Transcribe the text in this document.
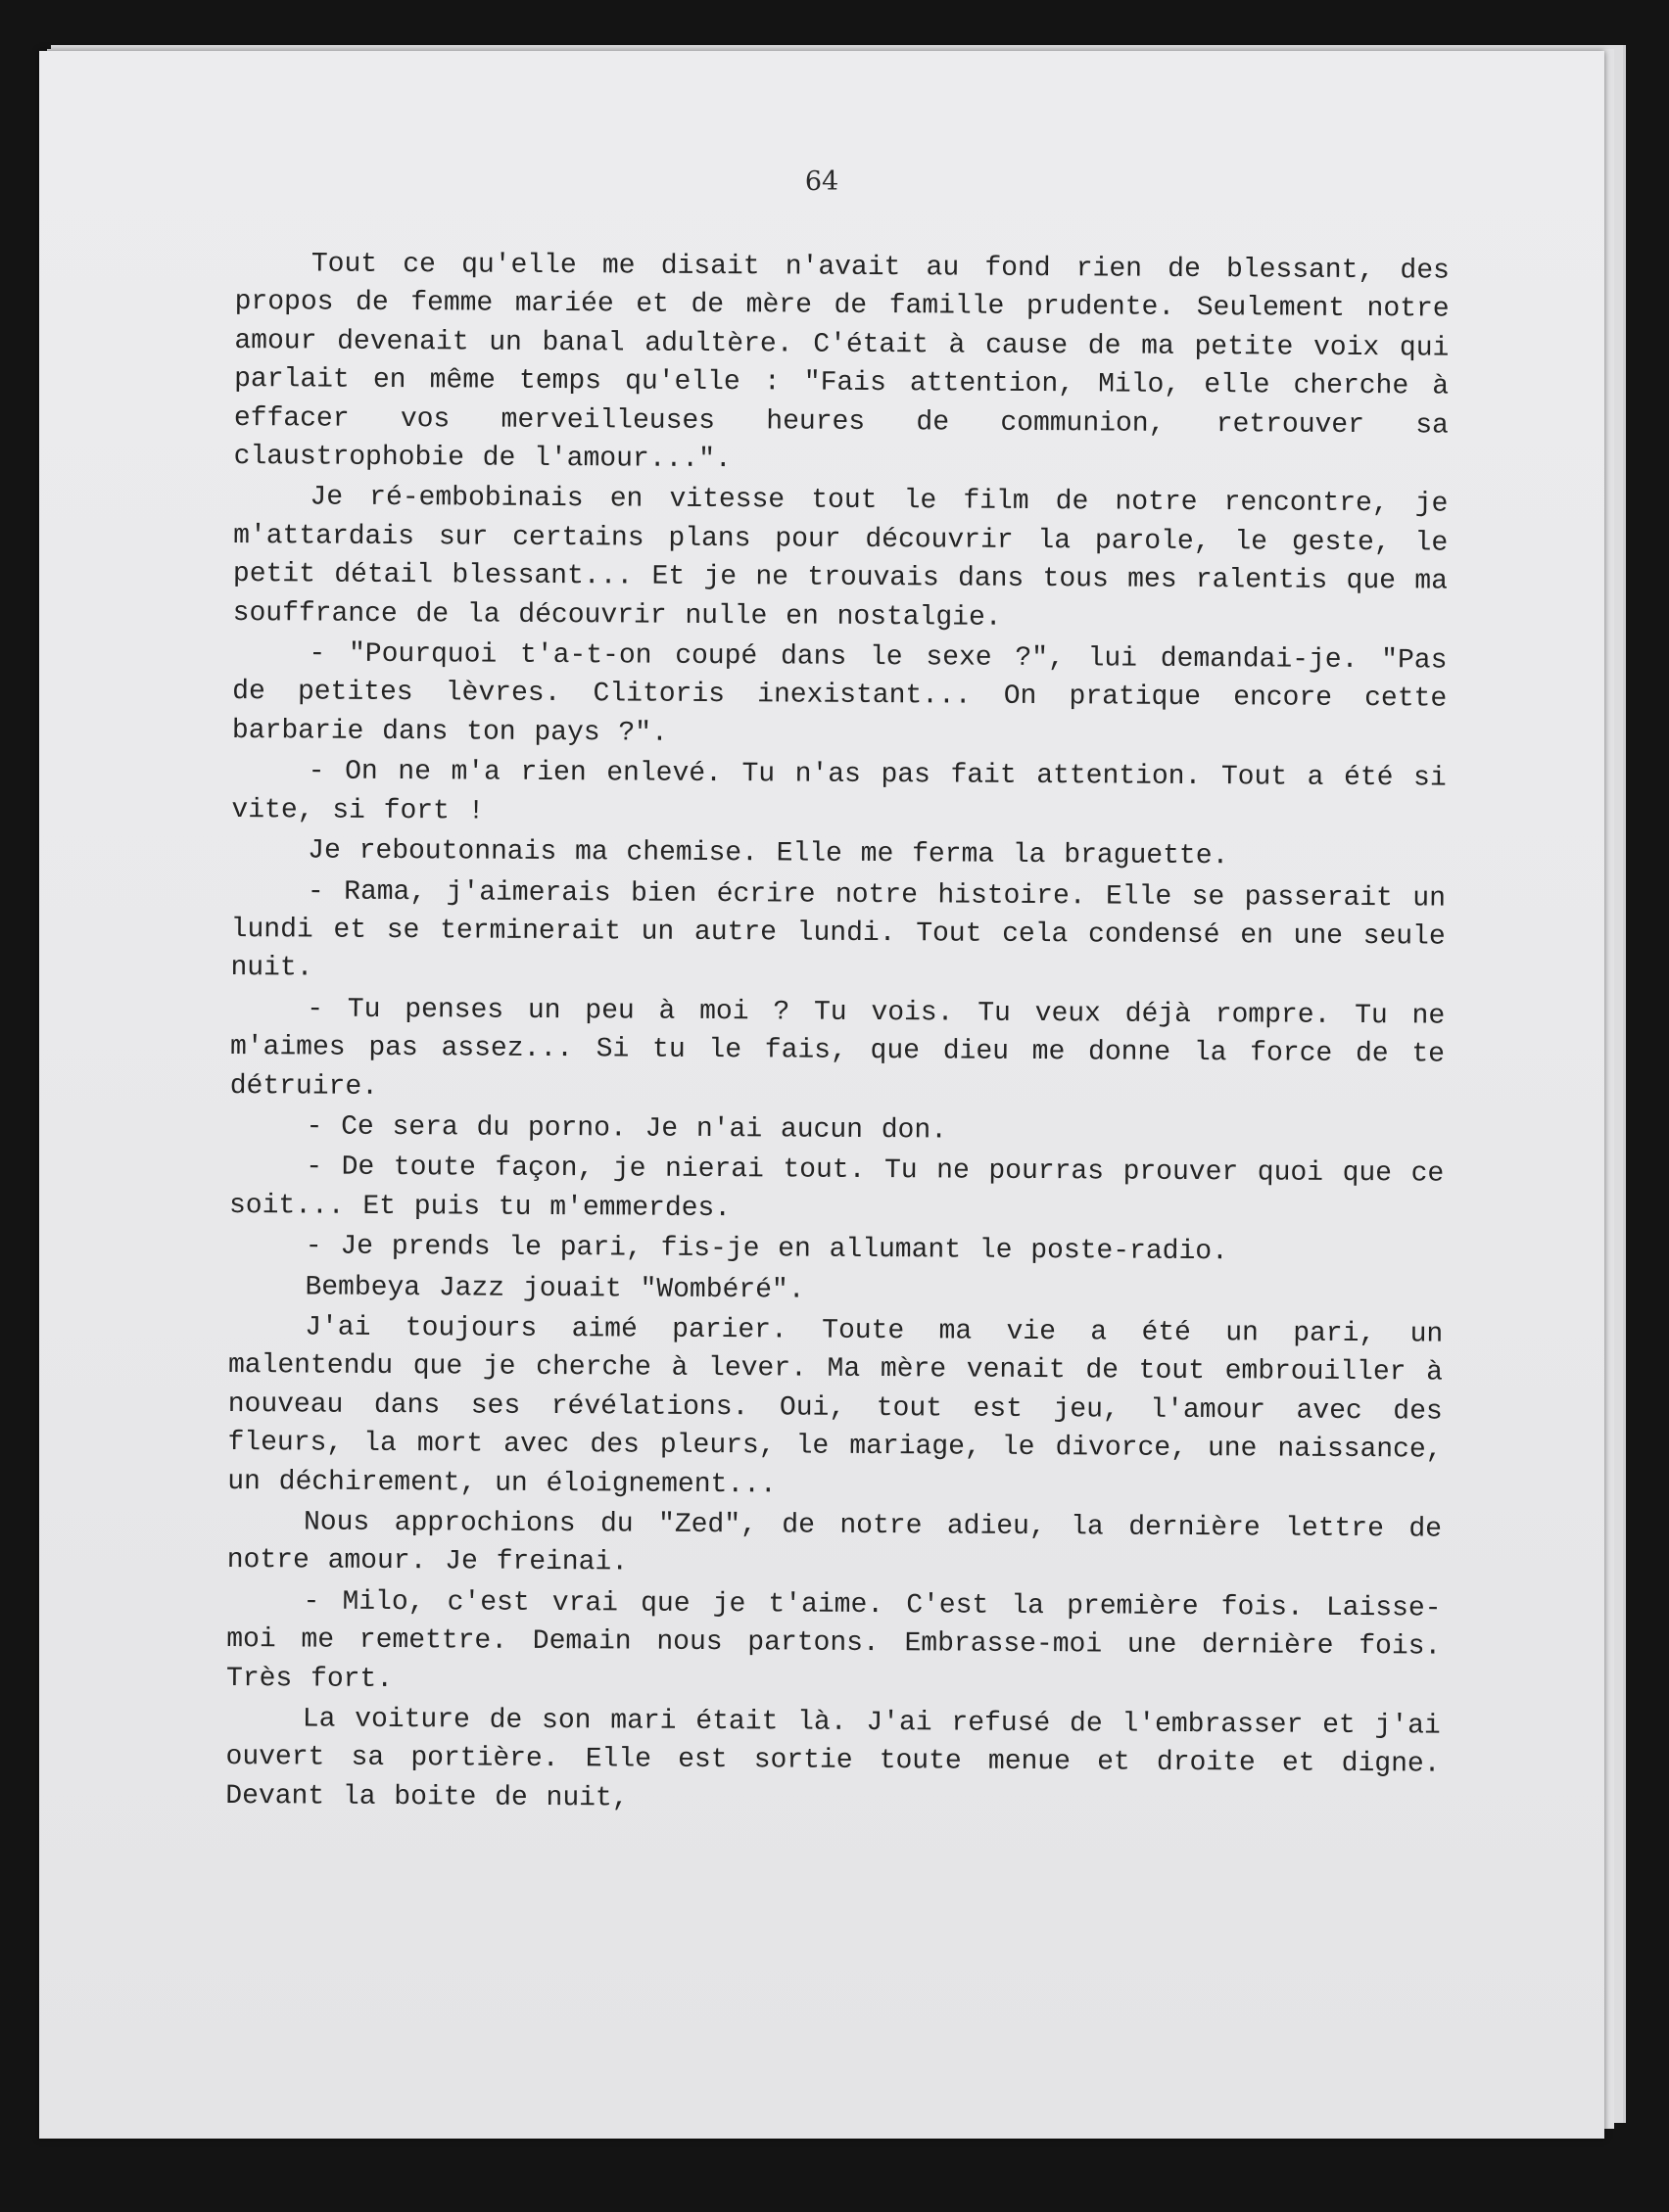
64

Tout ce qu'elle me disait n'avait au fond rien de blessant, des propos de femme mariée et de mère de famille prudente. Seulement notre amour devenait un banal adultère. C'était à cause de ma petite voix qui parlait en même temps qu'elle : "Fais attention, Milo, elle cherche à effacer vos merveilleuses heures de communion, retrouver sa claustrophobie de l'amour...".

Je ré-embobinais en vitesse tout le film de notre rencontre, je m'attardais sur certains plans pour découvrir la parole, le geste, le petit détail blessant... Et je ne trouvais dans tous mes ralentis que ma souffrance de la découvrir nulle en nostalgie.

- "Pourquoi t'a-t-on coupé dans le sexe ?", lui demandai-je. "Pas de petites lèvres. Clitoris inexistant... On pratique encore cette barbarie dans ton pays ?".

- On ne m'a rien enlevé. Tu n'as pas fait attention. Tout a été si vite, si fort !

Je reboutonnais ma chemise. Elle me ferma la braguette.

- Rama, j'aimerais bien écrire notre histoire. Elle se passerait un lundi et se terminerait un autre lundi. Tout cela condensé en une seule nuit.

- Tu penses un peu à moi ? Tu vois. Tu veux déjà rompre. Tu ne m'aimes pas assez... Si tu le fais, que dieu me donne la force de te détruire.

- Ce sera du porno. Je n'ai aucun don.

- De toute façon, je nierai tout. Tu ne pourras prouver quoi que ce soit... Et puis tu m'emmerdes.

- Je prends le pari, fis-je en allumant le poste-radio.

Bembeya Jazz jouait "Wombéré".

J'ai toujours aimé parier. Toute ma vie a été un pari, un malentendu que je cherche à lever. Ma mère venait de tout embrouiller à nouveau dans ses révélations. Oui, tout est jeu, l'amour avec des fleurs, la mort avec des pleurs, le mariage, le divorce, une naissance, un déchirement, un éloignement...

Nous approchions du "Zed", de notre adieu, la dernière lettre de notre amour. Je freinai.

- Milo, c'est vrai que je t'aime. C'est la première fois. Laisse-moi me remettre. Demain nous partons. Embrasse-moi une dernière fois. Très fort.

La voiture de son mari était là. J'ai refusé de l'embrasser et j'ai ouvert sa portière. Elle est sortie toute menue et droite et digne. Devant la boite de nuit,
